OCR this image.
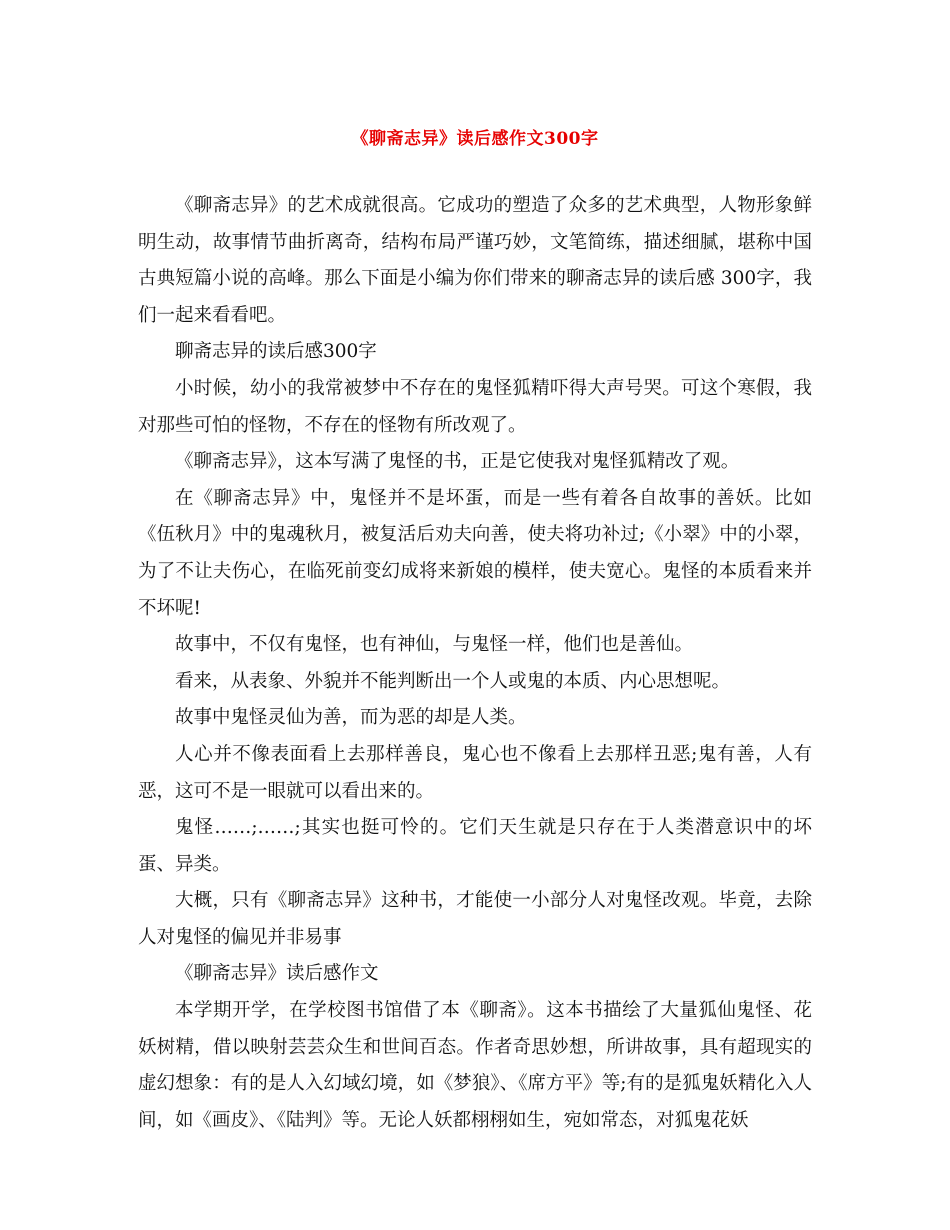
《聊斋志异》读后感作文300字

《聊斋志异》的艺术成就很高。它成功的塑造了众多的艺术典型，人物形象鲜明生动，故事情节曲折离奇，结构布局严谨巧妙，文笔简练，描述细腻，堪称中国古典短篇小说的高峰。那么下面是小编为你们带来的聊斋志异的读后感 300字，我们一起来看看吧。

聊斋志异的读后感300字

小时候，幼小的我常被梦中不存在的鬼怪狐精吓得大声号哭。可这个寒假，我对那些可怕的怪物，不存在的怪物有所改观了。

《聊斋志异》，这本写满了鬼怪的书，正是它使我对鬼怪狐精改了观。

在《聊斋志异》中，鬼怪并不是坏蛋，而是一些有着各自故事的善妖。比如《伍秋月》中的鬼魂秋月，被复活后劝夫向善，使夫将功补过;《小翠》中的小翠，为了不让夫伤心，在临死前变幻成将来新娘的模样，使夫宽心。鬼怪的本质看来并不坏呢!

故事中，不仅有鬼怪，也有神仙，与鬼怪一样，他们也是善仙。

看来，从表象、外貌并不能判断出一个人或鬼的本质、内心思想呢。

故事中鬼怪灵仙为善，而为恶的却是人类。

人心并不像表面看上去那样善良，鬼心也不像看上去那样丑恶;鬼有善，人有恶，这可不是一眼就可以看出来的。

鬼怪……;……;其实也挺可怜的。它们天生就是只存在于人类潜意识中的坏蛋、异类。

大概，只有《聊斋志异》这种书，才能使一小部分人对鬼怪改观。毕竟，去除人对鬼怪的偏见并非易事

《聊斋志异》读后感作文

本学期开学，在学校图书馆借了本《聊斋》。这本书描绘了大量狐仙鬼怪、花妖树精，借以映射芸芸众生和世间百态。作者奇思妙想，所讲故事，具有超现实的虚幻想象：有的是人入幻域幻境，如《梦狼》、《席方平》等;有的是狐鬼妖精化入人间，如《画皮》、《陆判》等。无论人妖都栩栩如生，宛如常态，对狐鬼花妖
